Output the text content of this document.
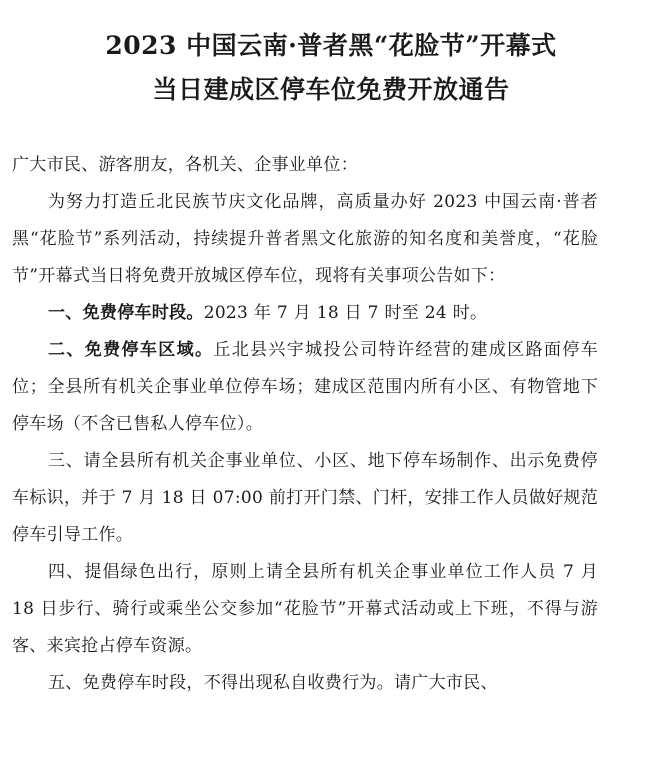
2023 中国云南·普者黑“花脸节”开幕式
当日建成区停车位免费开放通告

广大市民、游客朋友，各机关、企事业单位：

为努力打造丘北民族节庆文化品牌，高质量办好 2023 中国云南·普者黑“花脸节”系列活动，持续提升普者黑文化旅游的知名度和美誉度，“花脸节”开幕式当日将免费开放城区停车位，现将有关事项公告如下：

一、免费停车时段。2023 年 7 月 18 日 7 时至 24 时。

二、免费停车区域。丘北县兴宇城投公司特许经营的建成区路面停车位；全县所有机关企事业单位停车场；建成区范围内所有小区、有物管地下停车场（不含已售私人停车位）。

三、请全县所有机关企事业单位、小区、地下停车场制作、出示免费停车标识，并于 7 月 18 日 07:00 前打开门禁、门杆，安排工作人员做好规范停车引导工作。

四、提倡绿色出行，原则上请全县所有机关企事业单位工作人员 7 月 18 日步行、骑行或乘坐公交参加“花脸节”开幕式活动或上下班，不得与游客、来宾抢占停车资源。

五、免费停车时段，不得出现私自收费行为。请广大市民、
